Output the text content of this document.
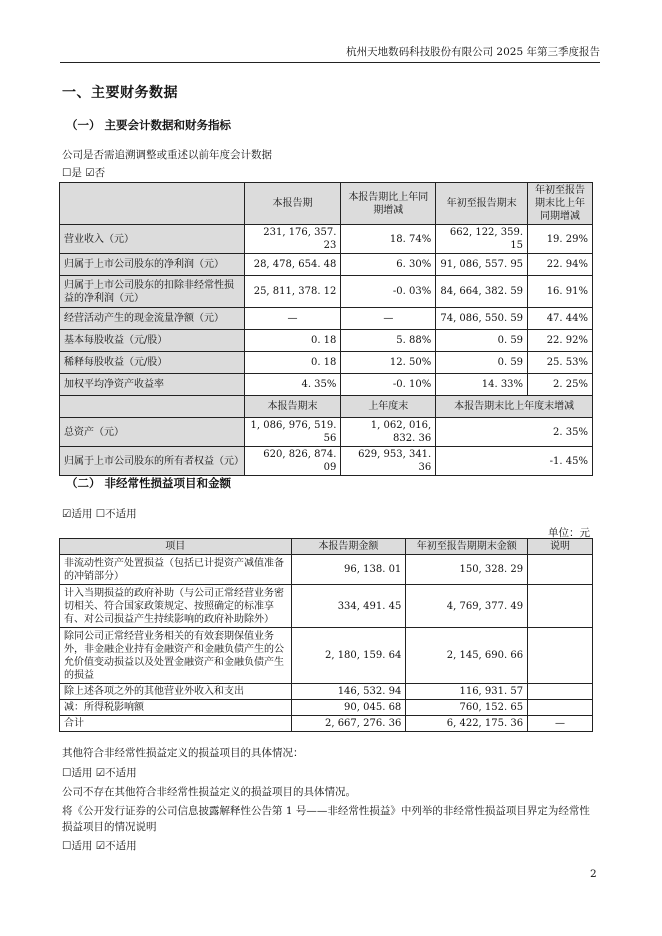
杭州天地数码科技股份有限公司 2025 年第三季度报告
一、主要财务数据
（一） 主要会计数据和财务指标
公司是否需追溯调整或重述以前年度会计数据
☐是 ☑否
	本报告期	本报告期比上年同期增减	年初至报告期末	年初至报告期末比上年同期增减
营业收入（元）	231, 176, 357. 23	18. 74%	662, 122, 359. 15	19. 29%
归属于上市公司股东的净利润（元）	28, 478, 654. 48	6. 30%	91, 086, 557. 95	22. 94%
归属于上市公司股东的扣除非经常性损益的净利润（元）	25, 811, 378. 12	-0. 03%	84, 664, 382. 59	16. 91%
经营活动产生的现金流量净额（元）	—	—	74, 086, 550. 59	47. 44%
基本每股收益（元/股）	0. 18	5. 88%	0. 59	22. 92%
稀释每股收益（元/股）	0. 18	12. 50%	0. 59	25. 53%
加权平均净资产收益率	4. 35%	-0. 10%	14. 33%	2. 25%
	本报告期末	上年度末	本报告期末比上年度末增减	
总资产（元）	1, 086, 976, 519. 56	1, 062, 016, 832. 36	2. 35%	
归属于上市公司股东的所有者权益（元）	620, 826, 874. 09	629, 953, 341. 36	-1. 45%	
（二） 非经常性损益项目和金额
☑适用 ☐不适用
单位：元
项目	本报告期金额	年初至报告期期末金额	说明
非流动性资产处置损益（包括已计提资产减值准备的冲销部分）	96, 138. 01	150, 328. 29	
计入当期损益的政府补助（与公司正常经营业务密切相关、符合国家政策规定、按照确定的标准享有、对公司损益产生持续影响的政府补助除外）	334, 491. 45	4, 769, 377. 49	
除同公司正常经营业务相关的有效套期保值业务外，非金融企业持有金融资产和金融负债产生的公允价值变动损益以及处置金融资产和金融负债产生的损益	2, 180, 159. 64	2, 145, 690. 66	
除上述各项之外的其他营业外收入和支出	146, 532. 94	116, 931. 57	
减：所得税影响额	90, 045. 68	760, 152. 65	
合计	2, 667, 276. 36	6, 422, 175. 36	—
其他符合非经常性损益定义的损益项目的具体情况：
☐适用 ☑不适用
公司不存在其他符合非经常性损益定义的损益项目的具体情况。
将《公开发行证券的公司信息披露解释性公告第 1 号——非经常性损益》中列举的非经常性损益项目界定为经常性损益项目的情况说明
☐适用 ☑不适用
2
